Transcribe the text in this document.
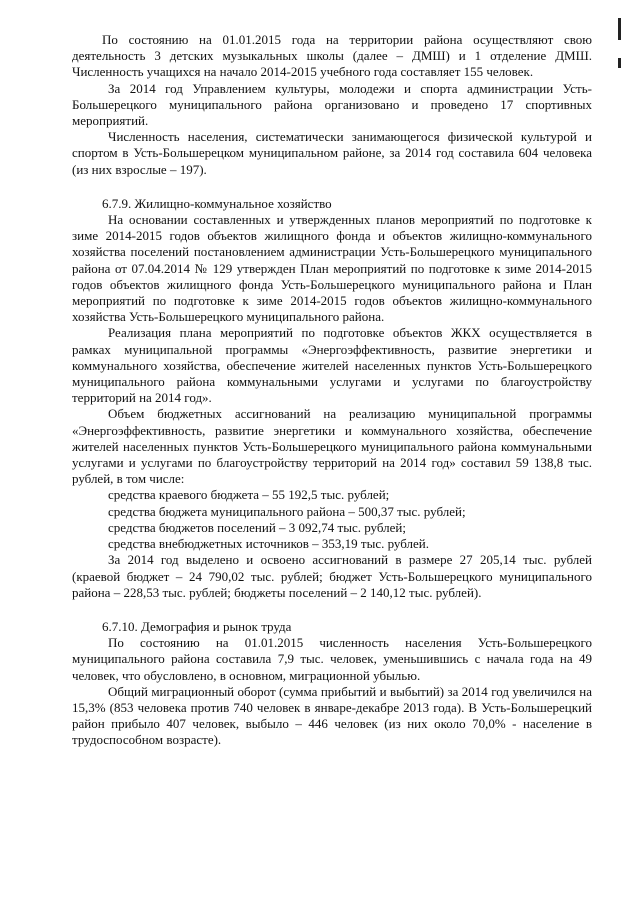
По состоянию на 01.01.2015 года на территории района осуществляют свою деятельность 3 детских музыкальных школы (далее – ДМШ) и 1 отделение ДМШ. Численность учащихся на начало 2014-2015 учебного года составляет 155 человек.

За 2014 год Управлением культуры, молодежи и спорта администрации Усть-Большерецкого муниципального района организовано и проведено 17 спортивных мероприятий.

Численность населения, систематически занимающегося физической культурой и спортом в Усть-Большерецком муниципальном районе, за 2014 год составила 604 человека (из них взрослые – 197).

6.7.9. Жилищно-коммунальное хозяйство

На основании составленных и утвержденных планов мероприятий по подготовке к зиме 2014-2015 годов объектов жилищного фонда и объектов жилищно-коммунального хозяйства поселений постановлением администрации Усть-Большерецкого муниципального района от 07.04.2014 № 129 утвержден План мероприятий по подготовке к зиме 2014-2015 годов объектов жилищного фонда Усть-Большерецкого муниципального района и План мероприятий по подготовке к зиме 2014-2015 годов объектов жилищно-коммунального хозяйства Усть-Большерецкого муниципального района.

Реализация плана мероприятий по подготовке объектов ЖКХ осуществляется в рамках муниципальной программы «Энергоэффективность, развитие энергетики и коммунального хозяйства, обеспечение жителей населенных пунктов Усть-Большерецкого муниципального района коммунальными услугами и услугами по благоустройству территорий на 2014 год».

Объем бюджетных ассигнований на реализацию муниципальной программы «Энергоэффективность, развитие энергетики и коммунального хозяйства, обеспечение жителей населенных пунктов Усть-Большерецкого муниципального района коммунальными услугами и услугами по благоустройству территорий на 2014 год» составил 59 138,8 тыс. рублей, в том числе:

средства краевого бюджета – 55 192,5 тыс. рублей;

средства бюджета муниципального района – 500,37 тыс. рублей;

средства бюджетов поселений – 3 092,74 тыс. рублей;

средства внебюджетных источников – 353,19 тыс. рублей.

За 2014 год выделено и освоено ассигнований в размере 27 205,14 тыс. рублей (краевой бюджет – 24 790,02 тыс. рублей; бюджет Усть-Большерецкого муниципального района – 228,53 тыс. рублей; бюджеты поселений – 2 140,12 тыс. рублей).

6.7.10. Демография и рынок труда

По состоянию на 01.01.2015 численность населения Усть-Большерецкого муниципального района составила 7,9 тыс. человек, уменьшившись с начала года на 49 человек, что обусловлено, в основном, миграционной убылью.

Общий миграционный оборот (сумма прибытий и выбытий) за 2014 год увеличился на 15,3% (853 человека против 740 человек в январе-декабре 2013 года). В Усть-Большерецкий район прибыло 407 человек, выбыло – 446 человек (из них около 70,0% - население в трудоспособном возрасте).
